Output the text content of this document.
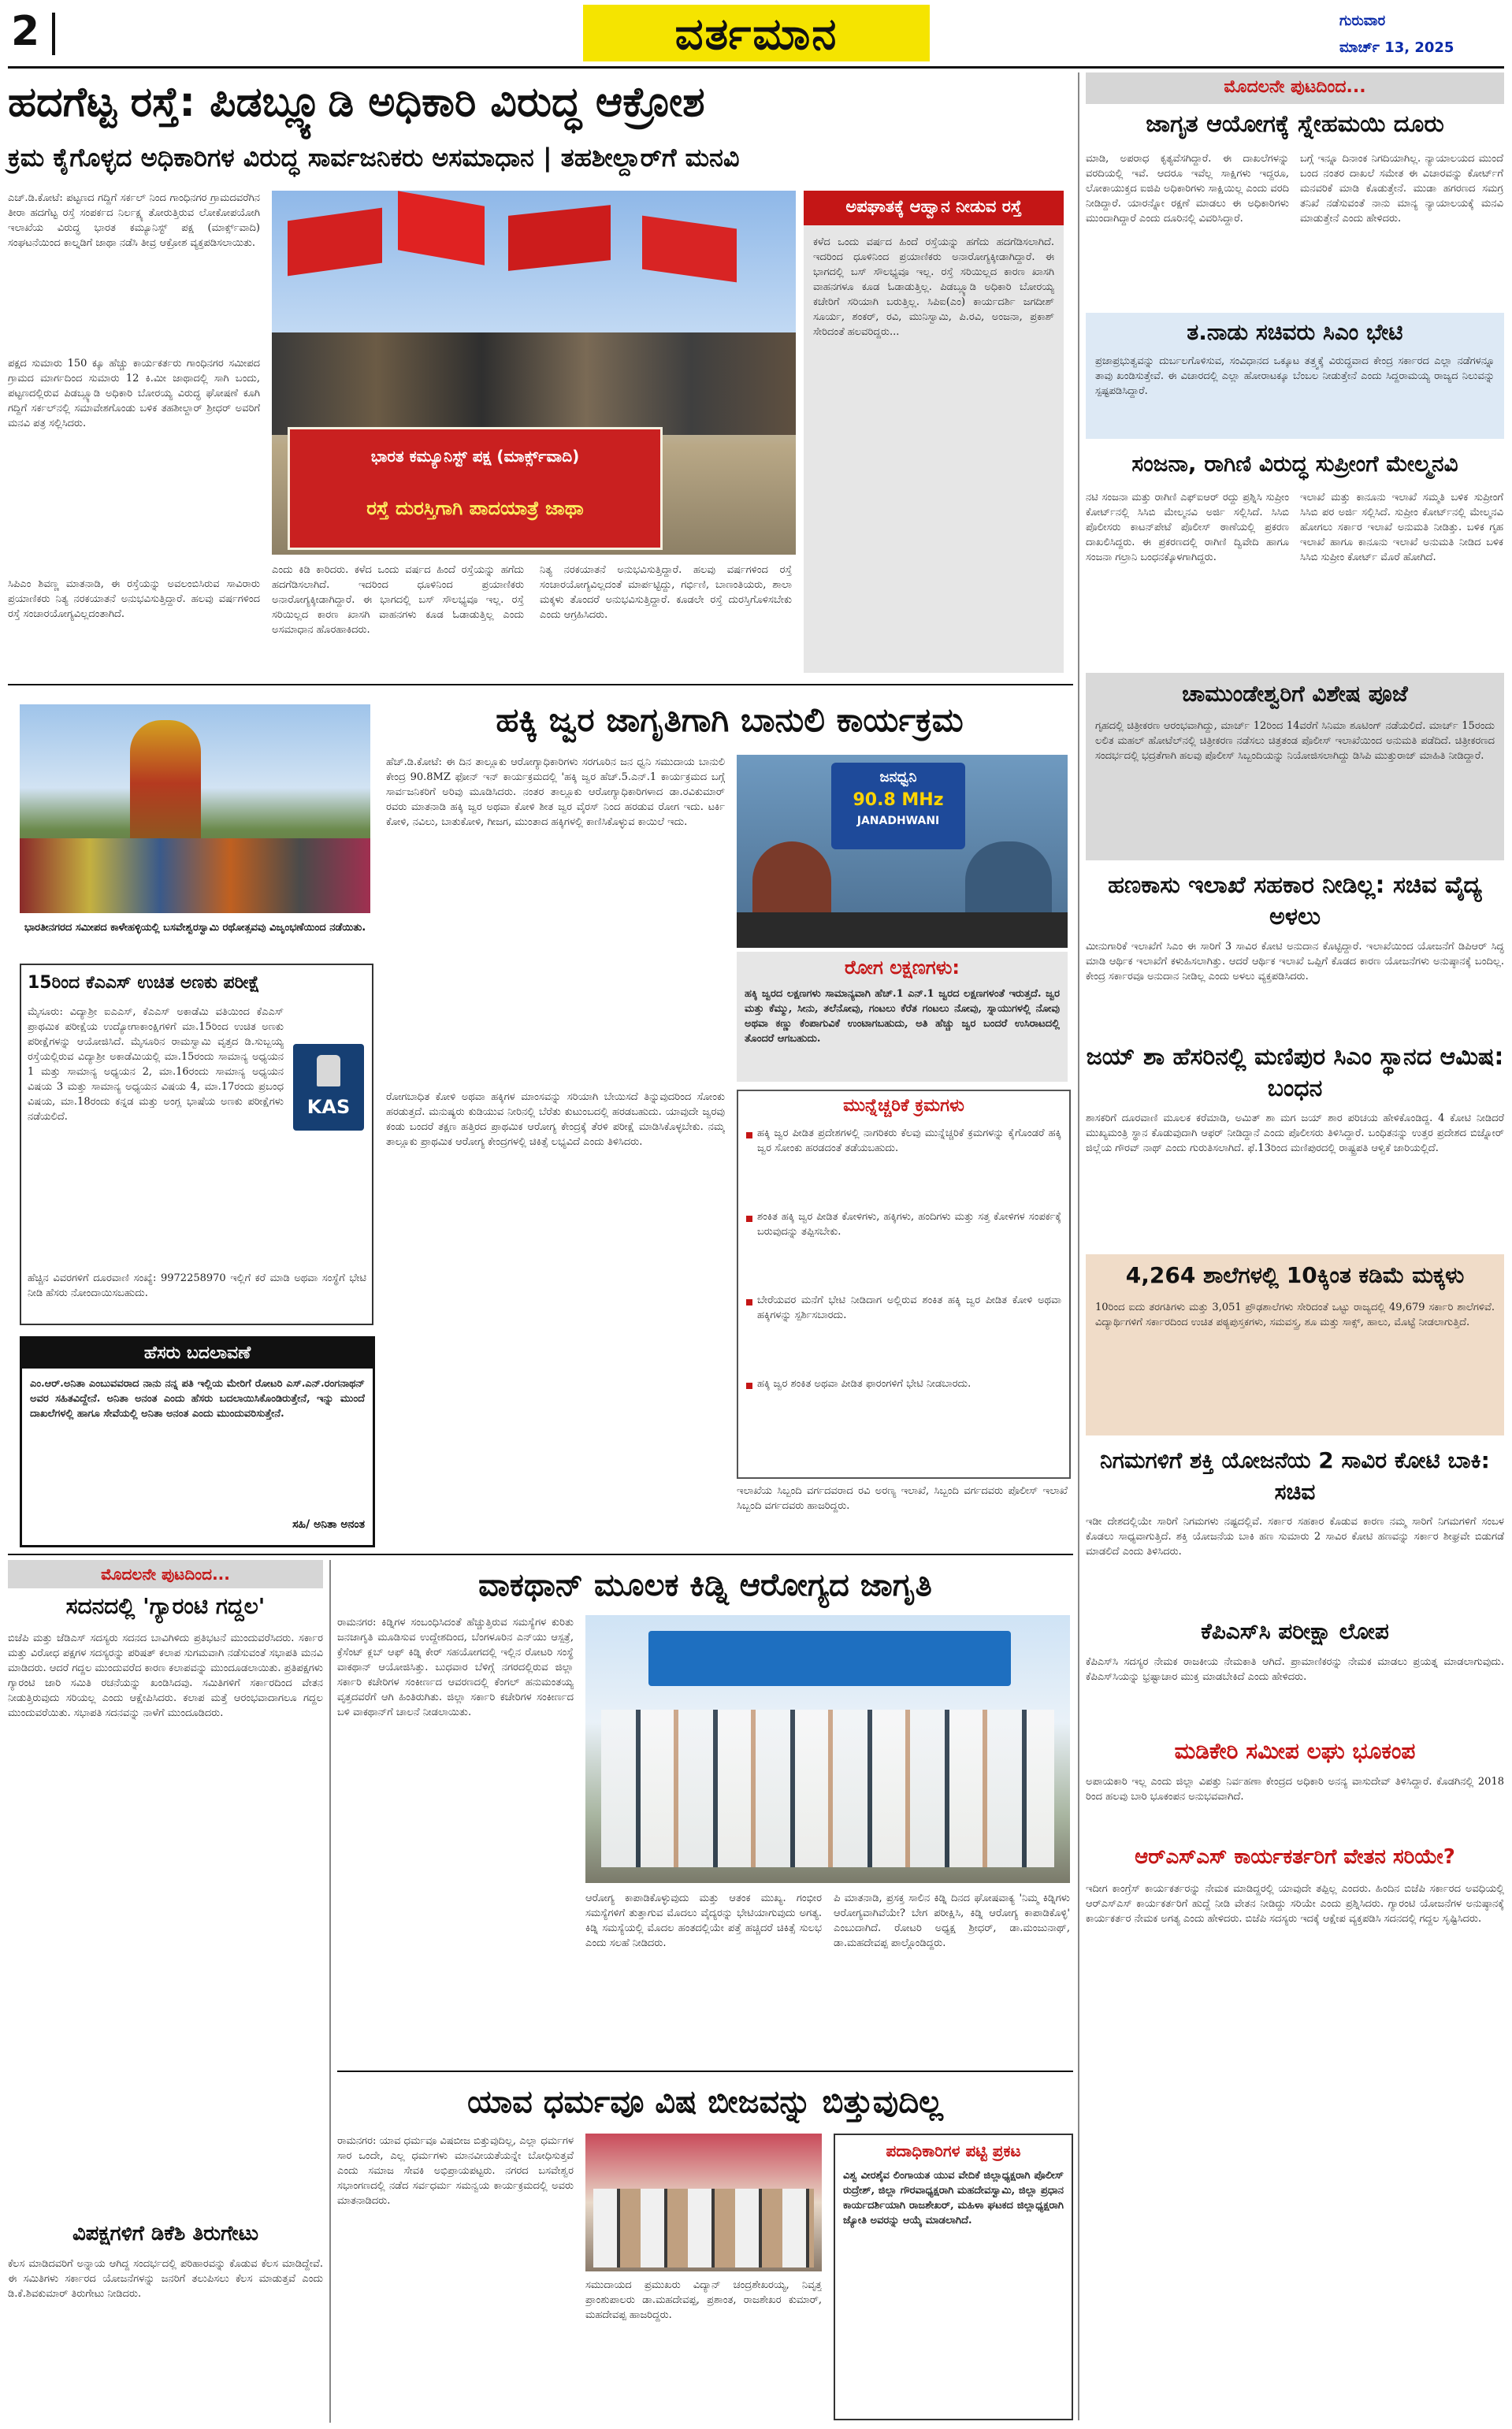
2	ವರ್ತಮಾನ	ಗುರುವಾರ
ಮಾರ್ಚ್ 13, 2025
ಹದಗೆಟ್ಟ ರಸ್ತೆ: ಪಿಡಬ್ಲ್ಯೂಡಿ ಅಧಿಕಾರಿ ವಿರುದ್ಧ ಆಕ್ರೋಶ
ಕ್ರಮ ಕೈಗೊಳ್ಳದ ಅಧಿಕಾರಿಗಳ ವಿರುದ್ಧ ಸಾರ್ವಜನಿಕರು ಅಸಮಾಧಾನ | ತಹಶೀಲ್ದಾರ್‌ಗೆ ಮನವಿ
ಎಚ್.ಡಿ.ಕೋಟೆ: ಪಟ್ಟಣದ ಗದ್ದಿಗೆ ಸರ್ಕಲ್ ನಿಂದ ಗಾಂಧಿನಗರ ಗ್ರಾಮದವರೆಗಿನ ತೀರಾ ಹದಗೆಟ್ಟ ರಸ್ತೆ ಸಂಪರ್ಕದ ನಿರ್ಲಕ್ಷ್ಯ ತೋರುತ್ತಿರುವ ಲೋಕೋಪಯೋಗಿ ಇಲಾಖೆಯ ವಿರುದ್ಧ ಭಾರತ ಕಮ್ಯೂನಿಸ್ಟ್ ಪಕ್ಷ (ಮಾರ್ಕ್ಸ್‌ವಾದಿ) ಸಂಘಟನೆಯಿಂದ ಕಾಲ್ನಡಿಗೆ ಜಾಥಾ ನಡೆಸಿ ತೀವ್ರ ಆಕ್ರೋಶ ವ್ಯಕ್ತಪಡಿಸಲಾಯಿತು.
ಪಕ್ಷದ ಸುಮಾರು 150 ಕ್ಕೂ ಹೆಚ್ಚು ಕಾರ್ಯಕರ್ತರು ಗಾಂಧಿನಗರ ಸಮೀಪದ ಗ್ರಾಮದ ಮಾರ್ಗದಿಂದ ಸುಮಾರು 12 ಕಿ.ಮೀ ಜಾಥಾದಲ್ಲಿ ಸಾಗಿ ಬಂದು, ಪಟ್ಟಣದಲ್ಲಿರುವ ಪಿಡಬ್ಲ್ಯೂಡಿ ಅಧಿಕಾರಿ ಬೋರಯ್ಯ ವಿರುದ್ಧ ಘೋಷಣೆ ಕೂಗಿ ಗದ್ದಿಗೆ ಸರ್ಕಲ್‌ನಲ್ಲಿ ಸಮಾವೇಶಗೊಂಡು ಬಳಿಕ ತಹಶೀಲ್ದಾರ್ ಶ್ರೀಧರ್ ಅವರಿಗೆ ಮನವಿ ಪತ್ರ ಸಲ್ಲಿಸಿದರು.
ಸಿಪಿಎಂ ಶಿವಣ್ಣ ಮಾತನಾಡಿ, ಈ ರಸ್ತೆಯನ್ನು ಅವಲಂಬಿಸಿರುವ ಸಾವಿರಾರು ಪ್ರಯಾಣಿಕರು ನಿತ್ಯ ನರಕಯಾತನೆ ಅನುಭವಿಸುತ್ತಿದ್ದಾರೆ. ಹಲವು ವರ್ಷಗಳಿಂದ ರಸ್ತೆ ಸಂಚಾರಯೋಗ್ಯವಿಲ್ಲದಂತಾಗಿದೆ.
ಭಾರತ ಕಮ್ಯೂನಿಸ್ಟ್ ಪಕ್ಷ (ಮಾರ್ಕ್ಸ್‌ವಾದಿ)
ರಸ್ತೆ ದುರಸ್ತಿಗಾಗಿ ಪಾದಯಾತ್ರೆ ಜಾಥಾ
ಎಂದು ಕಿಡಿ ಕಾರಿದರು. ಕಳೆದ ಒಂದು ವರ್ಷದ ಹಿಂದೆ ರಸ್ತೆಯನ್ನು ಹಗೆದು ಹದಗೆಡಿಸಲಾಗಿದೆ. ಇದರಿಂದ ಧೂಳಿನಿಂದ ಪ್ರಯಾಣಿಕರು ಅನಾರೋಗ್ಯಕ್ಕೀಡಾಗಿದ್ದಾರೆ. ಈ ಭಾಗದಲ್ಲಿ ಬಸ್ ಸೌಲಭ್ಯವೂ ಇಲ್ಲ. ರಸ್ತೆ ಸರಿಯಿಲ್ಲದ ಕಾರಣ ಖಾಸಗಿ ವಾಹನಗಳು ಕೂಡ ಓಡಾಡುತ್ತಿಲ್ಲ ಎಂದು ಅಸಮಾಧಾನ ಹೊರಹಾಕಿದರು.
ನಿತ್ಯ ನರಕಯಾತನೆ ಅನುಭವಿಸುತ್ತಿದ್ದಾರೆ. ಹಲವು ವರ್ಷಗಳಿಂದ ರಸ್ತೆ ಸಂಚಾರಯೋಗ್ಯವಿಲ್ಲದಂತೆ ಮಾರ್ಪಟ್ಟಿದ್ದು, ಗರ್ಭಿಣಿ, ಬಾಣಂತಿಯರು, ಶಾಲಾ ಮಕ್ಕಳು ತೊಂದರೆ ಅನುಭವಿಸುತ್ತಿದ್ದಾರೆ. ಕೂಡಲೇ ರಸ್ತೆ ದುರಸ್ತಿಗೊಳಿಸಬೇಕು ಎಂದು ಆಗ್ರಹಿಸಿದರು.
ಅಪಘಾತಕ್ಕೆ ಆಹ್ವಾನ ನೀಡುವ ರಸ್ತೆ
ಕಳೆದ ಒಂದು ವರ್ಷದ ಹಿಂದೆ ರಸ್ತೆಯನ್ನು ಹಗೆದು ಹದಗೆಡಿಸಲಾಗಿದೆ. ಇದರಿಂದ ಧೂಳಿನಿಂದ ಪ್ರಯಾಣಿಕರು ಅನಾರೋಗ್ಯಕ್ಕೀಡಾಗಿದ್ದಾರೆ. ಈ ಭಾಗದಲ್ಲಿ ಬಸ್ ಸೌಲಭ್ಯವೂ ಇಲ್ಲ. ರಸ್ತೆ ಸರಿಯಿಲ್ಲದ ಕಾರಣ ಖಾಸಗಿ ವಾಹನಗಳೂ ಕೂಡ ಓಡಾಡುತ್ತಿಲ್ಲ. ಪಿಡಬ್ಲ್ಯೂಡಿ ಅಧಿಕಾರಿ ಬೋರಯ್ಯ ಕಚೇರಿಗೆ ಸರಿಯಾಗಿ ಬರುತ್ತಿಲ್ಲ. ಸಿಪಿಐ(ಎಂ) ಕಾರ್ಯದರ್ಶಿ ಜಗದೀಶ್ ಸೂರ್ಯ, ಶಂಕರ್, ರವಿ, ಮುನಿಸ್ವಾಮಿ, ಪಿ.ರವಿ, ಅಂಜನಾ, ಪ್ರಕಾಶ್ ಸೇರಿದಂತೆ ಹಲವರಿದ್ದರು...
ಮೊದಲನೇ ಪುಟದಿಂದ...
ಜಾಗೃತ ಆಯೋಗಕ್ಕೆ ಸ್ನೇಹಮಯಿ ದೂರು
ಮಾಡಿ, ಅಪರಾಧ ಕೃತ್ಯವೆಸಗಿದ್ದಾರೆ. ಈ ದಾಖಲೆಗಳನ್ನು ವರದಿಯಲ್ಲಿ ಇವೆ. ಆದರೂ ಇವೆಲ್ಲ ಸಾಕ್ಷಿಗಳು ಇದ್ದರೂ, ಲೋಕಾಯುಕ್ತದ ಐಜಿಪಿ ಅಧಿಕಾರಿಗಳು ಸಾಕ್ಷಿಯಿಲ್ಲ ಎಂದು ವರದಿ ನೀಡಿದ್ದಾರೆ. ಯಾರನ್ನೋ ರಕ್ಷಣೆ ಮಾಡಲು ಈ ಅಧಿಕಾರಿಗಳು ಮುಂದಾಗಿದ್ದಾರೆ ಎಂದು ದೂರಿನಲ್ಲಿ ವಿವರಿಸಿದ್ದಾರೆ.
ಬಗ್ಗೆ ಇನ್ನೂ ದಿನಾಂಕ ನಿಗದಿಯಾಗಿಲ್ಲ. ನ್ಯಾಯಾಲಯದ ಮುಂದೆ ಬಂದ ನಂತರ ದಾಖಲೆ ಸಮೇತ ಈ ವಿಚಾರವನ್ನು ಕೋರ್ಟ್‌ಗೆ ಮನವರಿಕೆ ಮಾಡಿ ಕೊಡುತ್ತೇನೆ. ಮುಡಾ ಹಗರಣದ ಸಮಗ್ರ ತನಿಖೆ ನಡೆಸುವಂತೆ ನಾನು ಮಾನ್ಯ ನ್ಯಾಯಾಲಯಕ್ಕೆ ಮನವಿ ಮಾಡುತ್ತೇನೆ ಎಂದು ಹೇಳಿದರು.
ತ.ನಾಡು ಸಚಿವರು ಸಿಎಂ ಭೇಟಿ
ಪ್ರಜಾಪ್ರಭುತ್ವವನ್ನು ದುರ್ಬಲಗೊಳಿಸುವ, ಸಂವಿಧಾನದ ಒಕ್ಕೂಟ ತತ್ತ್ವಕ್ಕೆ ವಿರುದ್ಧವಾದ ಕೇಂದ್ರ ಸರ್ಕಾರದ ಎಲ್ಲಾ ನಡೆಗಳನ್ನೂ ತಾವು ಖಂಡಿಸುತ್ತೇವೆ. ಈ ವಿಚಾರದಲ್ಲಿ ಎಲ್ಲಾ ಹೋರಾಟಕ್ಕೂ ಬೆಂಬಲ ನೀಡುತ್ತೇನೆ ಎಂದು ಸಿದ್ದರಾಮಯ್ಯ ರಾಜ್ಯದ ನಿಲುವನ್ನು ಸ್ಪಷ್ಟಪಡಿಸಿದ್ದಾರೆ.
ಸಂಜನಾ, ರಾಗಿಣಿ ವಿರುದ್ಧ ಸುಪ್ರೀಂಗೆ ಮೇಲ್ಮನವಿ
ನಟಿ ಸಂಜನಾ ಮತ್ತು ರಾಗಿಣಿ ಎಫ್‌ಐಆರ್ ರದ್ದು ಪ್ರಶ್ನಿಸಿ ಸುಪ್ರೀಂ ಕೋರ್ಟ್‌ನಲ್ಲಿ ಸಿಸಿಬಿ ಮೇಲ್ಮನವಿ ಅರ್ಜಿ ಸಲ್ಲಿಸಿದೆ. ಸಿಸಿಬಿ ಪೊಲೀಸರು ಕಾಟನ್‌ಪೇಟೆ ಪೊಲೀಸ್ ಠಾಣೆಯಲ್ಲಿ ಪ್ರಕರಣ ದಾಖಲಿಸಿದ್ದರು. ಈ ಪ್ರಕರಣದಲ್ಲಿ ರಾಗಿಣಿ ದ್ವಿವೇದಿ ಹಾಗೂ ಸಂಜನಾ ಗಲ್ರಾನಿ ಬಂಧನಕ್ಕೊಳಗಾಗಿದ್ದರು.
ಇಲಾಖೆ ಮತ್ತು ಕಾನೂನು ಇಲಾಖೆ ಸಮ್ಮತಿ ಬಳಿಕ ಸುಪ್ರೀಂಗೆ ಸಿಸಿಬಿ ಪರ ಅರ್ಜಿ ಸಲ್ಲಿಸಿದೆ. ಸುಪ್ರೀಂ ಕೋರ್ಟ್‌ನಲ್ಲಿ ಮೇಲ್ಮನವಿ ಹೋಗಲು ಸರ್ಕಾರ ಇಲಾಖೆ ಅನುಮತಿ ನೀಡಿತ್ತು. ಬಳಿಕ ಗೃಹ ಇಲಾಖೆ ಹಾಗೂ ಕಾನೂನು ಇಲಾಖೆ ಅನುಮತಿ ನೀಡಿದ ಬಳಿಕ ಸಿಸಿಬಿ ಸುಪ್ರೀಂ ಕೋರ್ಟ್ ಮೊರೆ ಹೋಗಿದೆ.
ಚಾಮುಂಡೇಶ್ವರಿಗೆ ವಿಶೇಷ ಪೂಜೆ
ಗೃಹದಲ್ಲಿ ಚಿತ್ರೀಕರಣ ಆರಂಭವಾಗಿದ್ದು, ಮಾರ್ಚ್ 12ರಿಂದ 14ವರೆಗೆ ಸಿನಿಮಾ ಶೂಟಿಂಗ್ ನಡೆಯಲಿದೆ. ಮಾರ್ಚ್ 15ರಂದು ಲಲಿತ ಮಹಲ್ ಹೋಟೆಲ್‌ನಲ್ಲಿ ಚಿತ್ರೀಕರಣ ನಡೆಸಲು ಚಿತ್ರತಂಡ ಪೊಲೀಸ್ ಇಲಾಖೆಯಿಂದ ಅನುಮತಿ ಪಡೆದಿದೆ. ಚಿತ್ರೀಕರಣದ ಸಂದರ್ಭದಲ್ಲಿ ಭದ್ರತೆಗಾಗಿ ಹಲವು ಪೊಲೀಸ್ ಸಿಬ್ಬಂದಿಯನ್ನು ನಿಯೋಜಿಸಲಾಗಿದ್ದು ಡಿಸಿಪಿ ಮುತ್ತುರಾಜ್ ಮಾಹಿತಿ ನೀಡಿದ್ದಾರೆ.
ಹಣಕಾಸು ಇಲಾಖೆ ಸಹಕಾರ ನೀಡಿಲ್ಲ: ಸಚಿವ ವೈದ್ಯ ಅಳಲು
ಮೀನುಗಾರಿಕೆ ಇಲಾಖೆಗೆ ಸಿಎಂ ಈ ಸಾರಿಗೆ 3 ಸಾವಿರ ಕೋಟಿ ಅನುದಾನ ಕೊಟ್ಟಿದ್ದಾರೆ. ಇಲಾಖೆಯಿಂದ ಯೋಜನೆಗೆ ಡಿಪಿಆರ್ ಸಿದ್ಧ ಮಾಡಿ ಆರ್ಥಿಕ ಇಲಾಖೆಗೆ ಕಳುಹಿಸಲಾಗಿತ್ತು. ಆದರೆ ಆರ್ಥಿಕ ಇಲಾಖೆ ಒಪ್ಪಿಗೆ ಕೊಡದ ಕಾರಣ ಯೋಜನೆಗಳು ಅನುಷ್ಠಾನಕ್ಕೆ ಬಂದಿಲ್ಲ. ಕೇಂದ್ರ ಸರ್ಕಾರವೂ ಅನುದಾನ ನೀಡಿಲ್ಲ ಎಂದು ಅಳಲು ವ್ಯಕ್ತಪಡಿಸಿದರು.
ಜಯ್ ಶಾ ಹೆಸರಿನಲ್ಲಿ ಮಣಿಪುರ ಸಿಎಂ ಸ್ಥಾನದ ಆಮಿಷ: ಬಂಧನ
ಶಾಸಕರಿಗೆ ದೂರವಾಣಿ ಮೂಲಕ ಕರೆಮಾಡಿ, ಅಮಿತ್ ಶಾ ಮಗ ಜಯ್ ಶಾರ ಪರಿಚಯ ಹೇಳಿಕೊಂಡಿದ್ದ. 4 ಕೋಟಿ ನೀಡಿದರೆ ಮುಖ್ಯಮಂತ್ರಿ ಸ್ಥಾನ ಕೊಡುವುದಾಗಿ ಆಫರ್ ನೀಡಿದ್ದಾನೆ ಎಂದು ಪೊಲೀಸರು ತಿಳಿಸಿದ್ದಾರೆ. ಬಂಧಿತನನ್ನು ಉತ್ತರ ಪ್ರದೇಶದ ಬಿಜ್ನೋರ್ ಜಿಲ್ಲೆಯ ಗೌರವ್ ನಾಥ್ ಎಂದು ಗುರುತಿಸಲಾಗಿದೆ. ಫೆ.13ರಿಂದ ಮಣಿಪುರದಲ್ಲಿ ರಾಷ್ಟ್ರಪತಿ ಆಳ್ವಿಕೆ ಜಾರಿಯಲ್ಲಿದೆ.
4,264 ಶಾಲೆಗಳಲ್ಲಿ 10ಕ್ಕಿಂತ ಕಡಿಮೆ ಮಕ್ಕಳು
10ರಿಂದ ಐದು ತರಗತಿಗಳು ಮತ್ತು 3,051 ಪ್ರೌಢಶಾಲೆಗಳು ಸೇರಿದಂತೆ ಒಟ್ಟು ರಾಜ್ಯದಲ್ಲಿ 49,679 ಸರ್ಕಾರಿ ಶಾಲೆಗಳಿವೆ. ವಿದ್ಯಾರ್ಥಿಗಳಿಗೆ ಸರ್ಕಾರದಿಂದ ಉಚಿತ ಪಠ್ಯಪುಸ್ತಕಗಳು, ಸಮವಸ್ತ್ರ, ಶೂ ಮತ್ತು ಸಾಕ್ಸ್, ಹಾಲು, ಮೊಟ್ಟೆ ನೀಡಲಾಗುತ್ತಿದೆ.
ನಿಗಮಗಳಿಗೆ ಶಕ್ತಿ ಯೋಜನೆಯ 2 ಸಾವಿರ ಕೋಟಿ ಬಾಕಿ: ಸಚಿವ
ಇಡೀ ದೇಶದಲ್ಲಿಯೇ ಸಾರಿಗೆ ನಿಗಮಗಳು ನಷ್ಟದಲ್ಲಿವೆ. ಸರ್ಕಾರ ಸಹಕಾರ ಕೊಡುವ ಕಾರಣ ನಮ್ಮ ಸಾರಿಗೆ ನಿಗಮಗಳಿಗೆ ಸಂಬಳ ಕೊಡಲು ಸಾಧ್ಯವಾಗುತ್ತಿದೆ. ಶಕ್ತಿ ಯೋಜನೆಯ ಬಾಕಿ ಹಣ ಸುಮಾರು 2 ಸಾವಿರ ಕೋಟಿ ಹಣವನ್ನು ಸರ್ಕಾರ ಶೀಘ್ರವೇ ಬಿಡುಗಡೆ ಮಾಡಲಿದೆ ಎಂದು ತಿಳಿಸಿದರು.
ಕೆಪಿಎಸ್‌ಸಿ ಪರೀಕ್ಷಾ ಲೋಪ
ಕೆಪಿಎಸ್‌ಸಿ ಸದಸ್ಯರ ನೇಮಕ ರಾಜಕೀಯ ನೇಮಕಾತಿ ಆಗಿದೆ. ಪ್ರಾಮಾಣಿಕರನ್ನು ನೇಮಕ ಮಾಡಲು ಪ್ರಯತ್ನ ಮಾಡಲಾಗುವುದು. ಕೆಪಿಎಸ್‌ಸಿಯನ್ನು ಭ್ರಷ್ಟಾಚಾರ ಮುಕ್ತ ಮಾಡಬೇಕಿದೆ ಎಂದು ಹೇಳಿದರು.
ಮಡಿಕೇರಿ ಸಮೀಪ ಲಘು ಭೂಕಂಪ
ಅಪಾಯಕಾರಿ ಇಲ್ಲ ಎಂದು ಜಿಲ್ಲಾ ವಿಪತ್ತು ನಿರ್ವಹಣಾ ಕೇಂದ್ರದ ಅಧಿಕಾರಿ ಅನನ್ಯ ವಾಸುದೇವ್ ತಿಳಿಸಿದ್ದಾರೆ. ಕೊಡಗಿನಲ್ಲಿ 2018 ರಿಂದ ಹಲವು ಬಾರಿ ಭೂಕಂಪನ ಅನುಭವವಾಗಿದೆ.
ಆರ್‌ಎಸ್‌ಎಸ್ ಕಾರ್ಯಕರ್ತರಿಗೆ ವೇತನ ಸರಿಯೇ?
ಇದೀಗ ಕಾಂಗ್ರೆಸ್ ಕಾರ್ಯಕರ್ತರನ್ನು ನೇಮಕ ಮಾಡಿದ್ದರಲ್ಲಿ ಯಾವುದೇ ತಪ್ಪಿಲ್ಲ ಎಂದರು. ಹಿಂದಿನ ಬಿಜೆಪಿ ಸರ್ಕಾರದ ಅವಧಿಯಲ್ಲಿ ಆರ್‌ಎಸ್‌ಎಸ್ ಕಾರ್ಯಕರ್ತರಿಗೆ ಹುದ್ದೆ ನೀಡಿ ವೇತನ ನೀಡಿದ್ದು ಸರಿಯೇ ಎಂದು ಪ್ರಶ್ನಿಸಿದರು. ಗ್ಯಾರಂಟಿ ಯೋಜನೆಗಳ ಅನುಷ್ಠಾನಕ್ಕೆ ಕಾರ್ಯಕರ್ತರ ನೇಮಕ ಅಗತ್ಯ ಎಂದು ಹೇಳಿದರು. ಬಿಜೆಪಿ ಸದಸ್ಯರು ಇದಕ್ಕೆ ಆಕ್ಷೇಪ ವ್ಯಕ್ತಪಡಿಸಿ ಸದನದಲ್ಲಿ ಗದ್ದಲ ಸೃಷ್ಟಿಸಿದರು.
ಭಾರತೀನಗರದ ಸಮೀಪದ ಕಾಳೇಹಳ್ಳಿಯಲ್ಲಿ ಬಸವೇಶ್ವರಸ್ವಾಮಿ ರಥೋತ್ಸವವು ವಿಜೃಂಭಣೆಯಿಂದ ನಡೆಯಿತು.
15ರಿಂದ ಕೆಎಎಸ್ ಉಚಿತ ಅಣಕು ಪರೀಕ್ಷೆ
ಮೈಸೂರು: ವಿದ್ಯಾಶ್ರೀ ಐಎಎಸ್, ಕೆಎಎಸ್ ಅಕಾಡೆಮಿ ವತಿಯಿಂದ ಕೆಎಎಸ್ ಪ್ರಾಥಮಿಕ ಪರೀಕ್ಷೆಯ ಉದ್ಯೋಗಾಕಾಂಕ್ಷಿಗಳಿಗೆ ಮಾ.15ರಿಂದ ಉಚಿತ ಅಣಕು ಪರೀಕ್ಷೆಗಳನ್ನು ಆಯೋಜಿಸಿದೆ. ಮೈಸೂರಿನ ರಾಮಸ್ವಾಮಿ ವೃತ್ತದ ಡಿ.ಸುಬ್ಬಯ್ಯ ರಸ್ತೆಯಲ್ಲಿರುವ ವಿದ್ಯಾಶ್ರೀ ಅಕಾಡೆಮಿಯಲ್ಲಿ ಮಾ.15ರಂದು ಸಾಮಾನ್ಯ ಅಧ್ಯಯನ 1 ಮತ್ತು ಸಾಮಾನ್ಯ ಅಧ್ಯಯನ 2, ಮಾ.16ರಂದು ಸಾಮಾನ್ಯ ಅಧ್ಯಯನ ವಿಷಯ 3 ಮತ್ತು ಸಾಮಾನ್ಯ ಅಧ್ಯಯನ ವಿಷಯ 4, ಮಾ.17ರಂದು ಪ್ರಬಂಧ ವಿಷಯ, ಮಾ.18ರಂದು ಕನ್ನಡ ಮತ್ತು ಅಂಗ್ಲ ಭಾಷೆಯ ಅಣಕು ಪರೀಕ್ಷೆಗಳು ನಡೆಯಲಿದೆ.	KAS
ಹೆಚ್ಚಿನ ವಿವರಗಳಿಗೆ ದೂರವಾಣಿ ಸಂಖ್ಯೆ: 9972258970 ಇಲ್ಲಿಗೆ ಕರೆ ಮಾಡಿ ಅಥವಾ ಸಂಸ್ಥೆಗೆ ಭೇಟಿ ನೀಡಿ ಹೆಸರು ನೋಂದಾಯಿಸಬಹುದು.
ಹೆಸರು ಬದಲಾವಣೆ
ಎಂ.ಆರ್.ಅನಿತಾ ಎಂಬುವವರಾದ ನಾನು ನನ್ನ ಪತಿ ಇಲ್ಲಿಯ ಮೇರಿಗೆ ರೋಟರಿ ಎಸ್.ಎನ್.ರಂಗನಾಥನ್ ಅವರ ಸಹಿತವಿದ್ದೇನೆ. ಅನಿತಾ ಅನಂತ ಎಂದು ಹೆಸರು ಬದಲಾಯಿಸಿಕೊಂಡಿರುತ್ತೇನೆ, ಇನ್ನು ಮುಂದೆ ದಾಖಲೆಗಳಲ್ಲಿ ಹಾಗೂ ಸೇವೆಯಲ್ಲಿ ಅನಿತಾ ಅನಂತ ಎಂದು ಮುಂದುವರಿಸುತ್ತೇನೆ.
ಸಹಿ/ ಅನಿತಾ ಅನಂತ
ಹಕ್ಕಿ ಜ್ವರ ಜಾಗೃತಿಗಾಗಿ ಬಾನುಲಿ ಕಾರ್ಯಕ್ರಮ
ಹೆಚ್.ಡಿ.ಕೋಟೆ: ಈ ದಿನ ತಾಲ್ಲೂಕು ಆರೋಗ್ಯಾಧಿಕಾರಿಗಳು ಸರಗೂರಿನ ಜನ ಧ್ವನಿ ಸಮುದಾಯ ಬಾನುಲಿ ಕೇಂದ್ರ 90.8MZ ಫೋನ್ ಇನ್ ಕಾರ್ಯಕ್ರಮದಲ್ಲಿ 'ಹಕ್ಕಿ ಜ್ವರ ಹೆಚ್.5.ಎನ್.1 ಕಾರ್ಯಕ್ರಮದ ಬಗ್ಗೆ ಸಾರ್ವಜನಿಕರಿಗೆ ಅರಿವು ಮೂಡಿಸಿದರು. ನಂತರ ತಾಲ್ಲೂಕು ಆರೋಗ್ಯಾಧಿಕಾರಿಗಳಾದ ಡಾ.ರವಿಕುಮಾರ್ ರವರು ಮಾತನಾಡಿ ಹಕ್ಕಿ ಜ್ವರ ಅಥವಾ ಕೋಳಿ ಶೀತ ಜ್ವರ ವೈರಸ್ ನಿಂದ ಹರಡುವ ರೋಗ ಇದು. ಟರ್ಕಿ ಕೋಳಿ, ನವಿಲು, ಬಾತುಕೋಳಿ, ಗೀಜಗ, ಮುಂತಾದ ಹಕ್ಕಿಗಳಲ್ಲಿ ಕಾಣಿಸಿಕೊಳ್ಳುವ ಕಾಯಿಲೆ ಇದು.
ರೋಗಬಾಧಿತ ಕೋಳಿ ಅಥವಾ ಹಕ್ಕಿಗಳ ಮಾಂಸವನ್ನು ಸರಿಯಾಗಿ ಬೇಯಿಸದೆ ತಿನ್ನುವುದರಿಂದ ಸೋಂಕು ಹರಡುತ್ತದೆ. ಮನುಷ್ಯರು ಕುಡಿಯುವ ನೀರಿನಲ್ಲಿ ಬೆರೆತು ಕುಟುಂಬದಲ್ಲಿ ಹರಡಬಹುದು. ಯಾವುದೇ ಜ್ವರವು ಕಂಡು ಬಂದರೆ ತಕ್ಷಣ ಹತ್ತಿರದ ಪ್ರಾಥಮಿಕ ಆರೋಗ್ಯ ಕೇಂದ್ರಕ್ಕೆ ತೆರಳಿ ಪರೀಕ್ಷೆ ಮಾಡಿಸಿಕೊಳ್ಳಬೇಕು. ನಮ್ಮ ತಾಲ್ಲೂಕು ಪ್ರಾಥಮಿಕ ಆರೋಗ್ಯ ಕೇಂದ್ರಗಳಲ್ಲಿ ಚಿಕಿತ್ಸೆ ಲಭ್ಯವಿದೆ ಎಂದು ತಿಳಿಸಿದರು.
ಜನಧ್ವನಿ
90.8 MHz
JANADHWANI
ರೋಗ ಲಕ್ಷಣಗಳು:
ಹಕ್ಕಿ ಜ್ವರದ ಲಕ್ಷಣಗಳು ಸಾಮಾನ್ಯವಾಗಿ ಹೆಚ್.1 ಎನ್.1 ಜ್ವರದ ಲಕ್ಷಣಗಳಂತೆ ಇರುತ್ತದೆ. ಜ್ವರ ಮತ್ತು ಕೆಮ್ಮು, ಸೀನು, ತಲೆನೋವು, ಗಂಟಲು ಕೆರೆತ ಗಂಟಲು ನೋವು, ಸ್ನಾಯುಗಳಲ್ಲಿ ನೋವು ಅಥವಾ ಕಣ್ಣು ಕೆಂಪಾಗುವಿಕೆ ಉಂಟಾಗಬಹುದು, ಅತಿ ಹೆಚ್ಚು ಜ್ವರ ಬಂದರೆ ಉಸಿರಾಟದಲ್ಲಿ ತೊಂದರೆ ಆಗಬಹುದು.
ಮುನ್ನೆಚ್ಚರಿಕೆ ಕ್ರಮಗಳು
ಹಕ್ಕಿ ಜ್ವರ ಪೀಡಿತ ಪ್ರದೇಶಗಳಲ್ಲಿ ನಾಗರಿಕರು ಕೆಲವು ಮುನ್ನೆಚ್ಚರಿಕೆ ಕ್ರಮಗಳನ್ನು ಕೈಗೊಂಡರೆ ಹಕ್ಕಿ ಜ್ವರ ಸೋಂಕು ಹರಡದಂತೆ ತಡೆಯಬಹುದು.
ಶಂಕಿತ ಹಕ್ಕಿ ಜ್ವರ ಪೀಡಿತ ಕೋಳಿಗಳು, ಹಕ್ಕಿಗಳು, ಹಂದಿಗಳು ಮತ್ತು ಸತ್ತ ಕೋಳಿಗಳ ಸಂಪರ್ಕಕ್ಕೆ ಬರುವುದನ್ನು ತಪ್ಪಿಸಬೇಕು.
ಬೇರೆಯವರ ಮನೆಗೆ ಭೇಟಿ ನೀಡಿದಾಗ ಅಲ್ಲಿರುವ ಶಂಕಿತ ಹಕ್ಕಿ ಜ್ವರ ಪೀಡಿತ ಕೋಳಿ ಅಥವಾ ಹಕ್ಕಿಗಳನ್ನು ಸ್ಪರ್ಶಿಸಬಾರದು.
ಹಕ್ಕಿ ಜ್ವರ ಶಂಕಿತ ಅಥವಾ ಪೀಡಿತ ಫಾರಂಗಳಿಗೆ ಭೇಟಿ ನೀಡಬಾರದು.
ಇಲಾಖೆಯ ಸಿಬ್ಬಂದಿ ವರ್ಗದವರಾದ ರವಿ ಅರಣ್ಯ ಇಲಾಖೆ, ಸಿಬ್ಬಂದಿ ವರ್ಗದವರು ಪೊಲೀಸ್ ಇಲಾಖೆ ಸಿಬ್ಬಂದಿ ವರ್ಗದವರು ಹಾಜರಿದ್ದರು.
ಮೊದಲನೇ ಪುಟದಿಂದ...
ಸದನದಲ್ಲಿ 'ಗ್ಯಾರಂಟಿ ಗದ್ದಲ'
ಬಿಜೆಪಿ ಮತ್ತು ಜೆಡಿಎಸ್ ಸದಸ್ಯರು ಸದನದ ಬಾವಿಗಿಳಿದು ಪ್ರತಿಭಟನೆ ಮುಂದುವರೆಸಿದರು. ಸರ್ಕಾರ ಮತ್ತು ವಿರೋಧ ಪಕ್ಷಗಳ ಸದಸ್ಯರನ್ನು ಪರಿಷತ್ ಕಲಾಪ ಸುಗಮವಾಗಿ ನಡೆಸುವಂತೆ ಸಭಾಪತಿ ಮನವಿ ಮಾಡಿದರು. ಆದರೆ ಗದ್ದಲ ಮುಂದುವರೆದ ಕಾರಣ ಕಲಾಪವನ್ನು ಮುಂದೂಡಲಾಯಿತು. ಪ್ರತಿಪಕ್ಷಗಳು ಗ್ಯಾರಂಟಿ ಜಾರಿ ಸಮಿತಿ ರಚನೆಯನ್ನು ಖಂಡಿಸಿದವು. ಸಮಿತಿಗಳಿಗೆ ಸರ್ಕಾರದಿಂದ ವೇತನ ನೀಡುತ್ತಿರುವುದು ಸರಿಯಲ್ಲ ಎಂದು ಆಕ್ಷೇಪಿಸಿದರು. ಕಲಾಪ ಮತ್ತೆ ಆರಂಭವಾದಾಗಲೂ ಗದ್ದಲ ಮುಂದುವರೆಯಿತು. ಸಭಾಪತಿ ಸದನವನ್ನು ನಾಳೆಗೆ ಮುಂದೂಡಿದರು.
ವಿಪಕ್ಷಗಳಿಗೆ ಡಿಕೆಶಿ ತಿರುಗೇಟು
ಕೆಲಸ ಮಾಡಿದವರಿಗೆ ಅನ್ನಾಯ ಆಗಿದ್ದ ಸಂದರ್ಭದಲ್ಲಿ ಪರಿಹಾರವನ್ನು ಕೊಡುವ ಕೆಲಸ ಮಾಡಿದ್ದೇವೆ. ಈ ಸಮಿತಿಗಳು ಸರ್ಕಾರದ ಯೋಜನೆಗಳನ್ನು ಜನರಿಗೆ ತಲುಪಿಸಲು ಕೆಲಸ ಮಾಡುತ್ತವೆ ಎಂದು ಡಿ.ಕೆ.ಶಿವಕುಮಾರ್ ತಿರುಗೇಟು ನೀಡಿದರು.
ವಾಕಥಾನ್ ಮೂಲಕ ಕಿಡ್ನಿ ಆರೋಗ್ಯದ ಜಾಗೃತಿ
ರಾಮನಗರ: ಕಿಡ್ನಿಗಳ ಸಂಬಂಧಿಸಿದಂತೆ ಹೆಚ್ಚುತ್ತಿರುವ ಸಮಸ್ಯೆಗಳ ಕುರಿತು ಜನಜಾಗೃತಿ ಮೂಡಿಸುವ ಉದ್ದೇಶದಿಂದ, ಬೆಂಗಳೂರಿನ ಎನ್‌ಯು ಆಸ್ಪತ್ರೆ, ಕ್ರೆಸೆಂಟ್ ಕ್ಲಬ್ ಆಫ್ ಕಿಡ್ನಿ ಕೇರ್ ಸಹಯೋಗದಲ್ಲಿ ಇಲ್ಲಿನ ರೋಟರಿ ಸಂಸ್ಥೆ ವಾಕಥಾನ್ ಆಯೋಜಿಸಿತ್ತು. ಬುಧವಾರ ಬೆಳಿಗ್ಗೆ ನಗರದಲ್ಲಿರುವ ಜಿಲ್ಲಾ ಸರ್ಕಾರಿ ಕಚೇರಿಗಳ ಸಂಕೀರ್ಣದ ಆವರಣದಲ್ಲಿ ಕೆಂಗಲ್ ಹನುಮಂತಯ್ಯ ವೃತ್ತದವರೆಗೆ ಆಗಿ ಹಿಂತಿರುಗಿತು. ಜಿಲ್ಲಾ ಸರ್ಕಾರಿ ಕಚೇರಿಗಳ ಸಂಕೀರ್ಣದ ಬಳಿ ವಾಕಥಾನ್‌ಗೆ ಚಾಲನೆ ನೀಡಲಾಯಿತು.
ಆರೋಗ್ಯ ಕಾಪಾಡಿಕೊಳ್ಳುವುದು ಮತ್ತು ಆತಂಕ ಮುಖ್ಯ. ಗಂಭೀರ ಸಮಸ್ಯೆಗಳಿಗೆ ತುತ್ತಾಗುವ ಮೊದಲು ವೈದ್ಯರನ್ನು ಭೇಟಿಯಾಗುವುದು ಅಗತ್ಯ. ಕಿಡ್ನಿ ಸಮಸ್ಯೆಯಲ್ಲಿ ಮೊದಲ ಹಂತದಲ್ಲಿಯೇ ಪತ್ತೆ ಹಚ್ಚಿದರೆ ಚಿಕಿತ್ಸೆ ಸುಲಭ ಎಂದು ಸಲಹೆ ನೀಡಿದರು.
ಪಿ ಮಾತನಾಡಿ, ಪ್ರಸಕ್ತ ಸಾಲಿನ ಕಿಡ್ನಿ ದಿನದ ಘೋಷವಾಕ್ಯ 'ನಿಮ್ಮ ಕಿಡ್ನಿಗಳು ಆರೋಗ್ಯವಾಗಿವೆಯೇ? ಬೇಗ ಪರೀಕ್ಷಿಸಿ, ಕಿಡ್ನಿ ಆರೋಗ್ಯ ಕಾಪಾಡಿಕೊಳ್ಳಿ' ಎಂಬುದಾಗಿದೆ. ರೋಟರಿ ಅಧ್ಯಕ್ಷ ಶ್ರೀಧರ್, ಡಾ.ಮಂಜುನಾಥ್, ಡಾ.ಮಹದೇವಪ್ಪ ಪಾಲ್ಗೊಂಡಿದ್ದರು.
ಯಾವ ಧರ್ಮವೂ ವಿಷ ಬೀಜವನ್ನು ಬಿತ್ತುವುದಿಲ್ಲ
ರಾಮನಗರ: ಯಾವ ಧರ್ಮವೂ ವಿಷಬೀಜ ಬಿತ್ತುವುದಿಲ್ಲ, ಎಲ್ಲಾ ಧರ್ಮಗಳ ಸಾರ ಒಂದೇ, ಎಲ್ಲ ಧರ್ಮಗಳು ಮಾನವೀಯತೆಯನ್ನೇ ಬೋಧಿಸುತ್ತವೆ ಎಂದು ಸಮಾಜ ಸೇವಕಿ ಅಭಿಪ್ರಾಯಪಟ್ಟರು. ನಗರದ ಬಸವೇಶ್ವರ ಸಭಾಂಗಣದಲ್ಲಿ ನಡೆದ ಸರ್ವಧರ್ಮ ಸಮನ್ವಯ ಕಾರ್ಯಕ್ರಮದಲ್ಲಿ ಅವರು ಮಾತನಾಡಿದರು.
ಸಮುದಾಯದ ಪ್ರಮುಖರು ವಿದ್ಯಾನ್ ಚಂದ್ರಶೇಖರಯ್ಯ, ನಿವೃತ್ತ ಪ್ರಾಂಶುಪಾಲರು ಡಾ.ಮಹದೇವಪ್ಪ, ಪ್ರಶಾಂತ, ರಾಜಶೇಖರ ಕುಮಾರ್, ಮಹದೇವಪ್ಪ ಹಾಜರಿದ್ದರು.
ಪದಾಧಿಕಾರಿಗಳ ಪಟ್ಟಿ ಪ್ರಕಟ
ವಿಶ್ವ ವೀರಶೈವ ಲಿಂಗಾಯತ ಯುವ ವೇದಿಕೆ ಜಿಲ್ಲಾಧ್ಯಕ್ಷರಾಗಿ ಪೊಲೀಸ್ ರುದ್ರೇಶ್, ಜಿಲ್ಲಾ ಗೌರವಾಧ್ಯಕ್ಷರಾಗಿ ಮಹದೇವಸ್ವಾಮಿ, ಜಿಲ್ಲಾ ಪ್ರಧಾನ ಕಾರ್ಯದರ್ಶಿಯಾಗಿ ರಾಜಶೇಖರ್, ಮಹಿಳಾ ಘಟಕದ ಜಿಲ್ಲಾಧ್ಯಕ್ಷರಾಗಿ ಜ್ಯೋತಿ ಅವರನ್ನು ಆಯ್ಕೆ ಮಾಡಲಾಗಿದೆ.
